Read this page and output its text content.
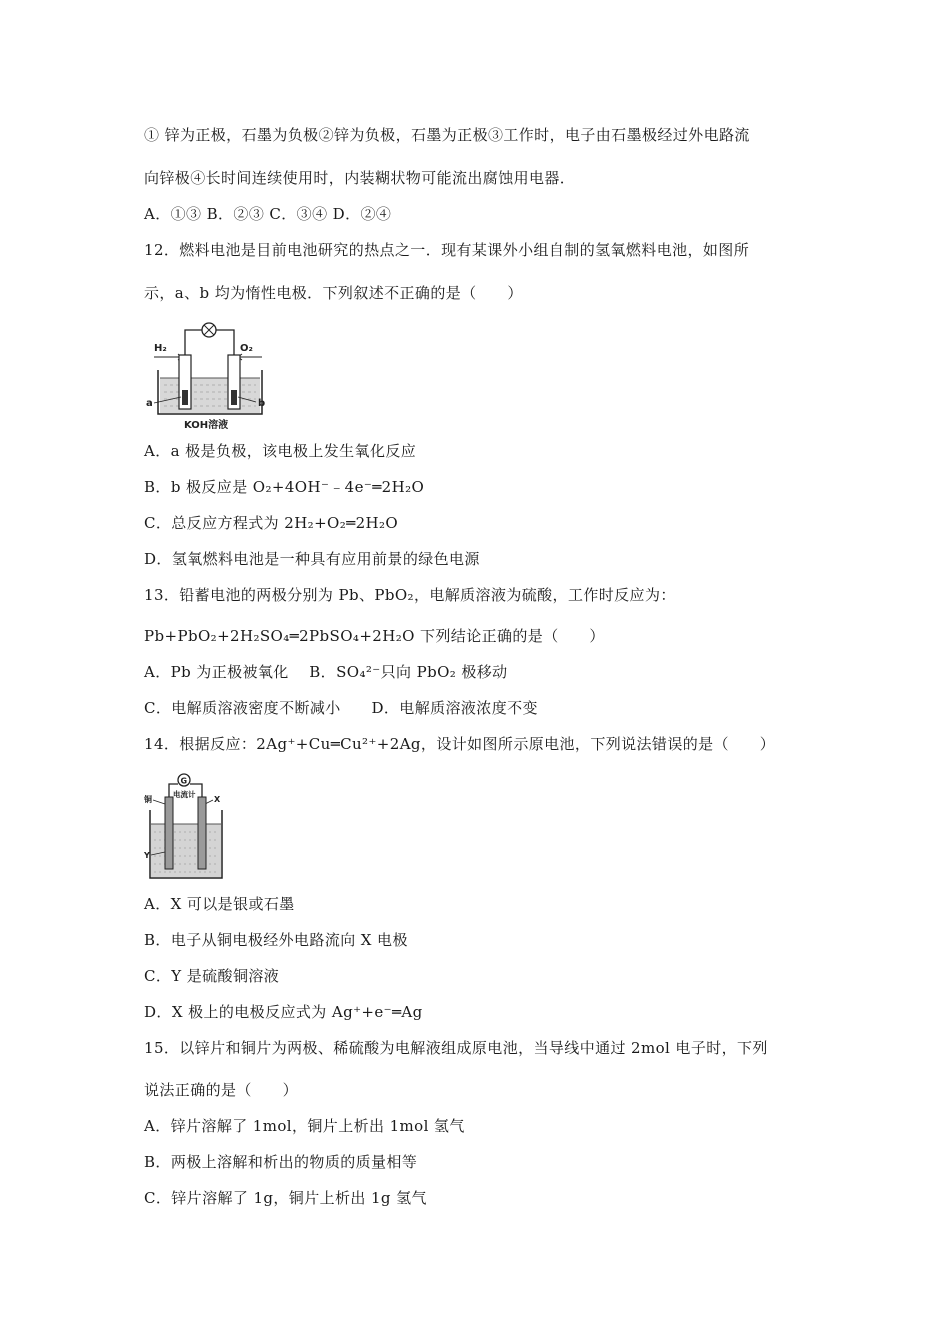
① 锌为正极，石墨为负极②锌为负极，石墨为正极③工作时，电子由石墨极经过外电路流
向锌极④长时间连续使用时，内装糊状物可能流出腐蚀用电器．
A．①③ B．②③ C．③④ D．②④
12．燃料电池是目前电池研究的热点之一．现有某课外小组自制的氢氧燃料电池，如图所
示，a、b 均为惰性电极．下列叙述不正确的是（　　）
H₂	O₂
a	b
KOH溶液
A．a 极是负极，该电极上发生氧化反应
B．b 极反应是 O₂+4OH⁻﹣4e⁻═2H₂O
C．总反应方程式为 2H₂+O₂═2H₂O
D．氢氧燃料电池是一种具有应用前景的绿色电源
13．铅蓄电池的两极分别为 Pb、PbO₂，电解质溶液为硫酸，工作时反应为：
Pb+PbO₂+2H₂SO₄═2PbSO₄+2H₂O 下列结论正确的是（　　）
A．Pb 为正极被氧化　 B．SO₄²⁻只向 PbO₂ 极移动
C．电解质溶液密度不断减小　　D．电解质溶液浓度不变
14．根据反应：2Ag⁺+Cu═Cu²⁺+2Ag，设计如图所示原电池，下列说法错误的是（　　）
G
电流计
铜	X
Y
A．X 可以是银或石墨
B．电子从铜电极经外电路流向 X 电极
C．Y 是硫酸铜溶液
D．X 极上的电极反应式为 Ag⁺+e⁻═Ag
15．以锌片和铜片为两极、稀硫酸为电解液组成原电池，当导线中通过 2mol 电子时，下列
说法正确的是（　　）
A．锌片溶解了 1mol，铜片上析出 1mol 氢气
B．两极上溶解和析出的物质的质量相等
C．锌片溶解了 1g，铜片上析出 1g 氢气
